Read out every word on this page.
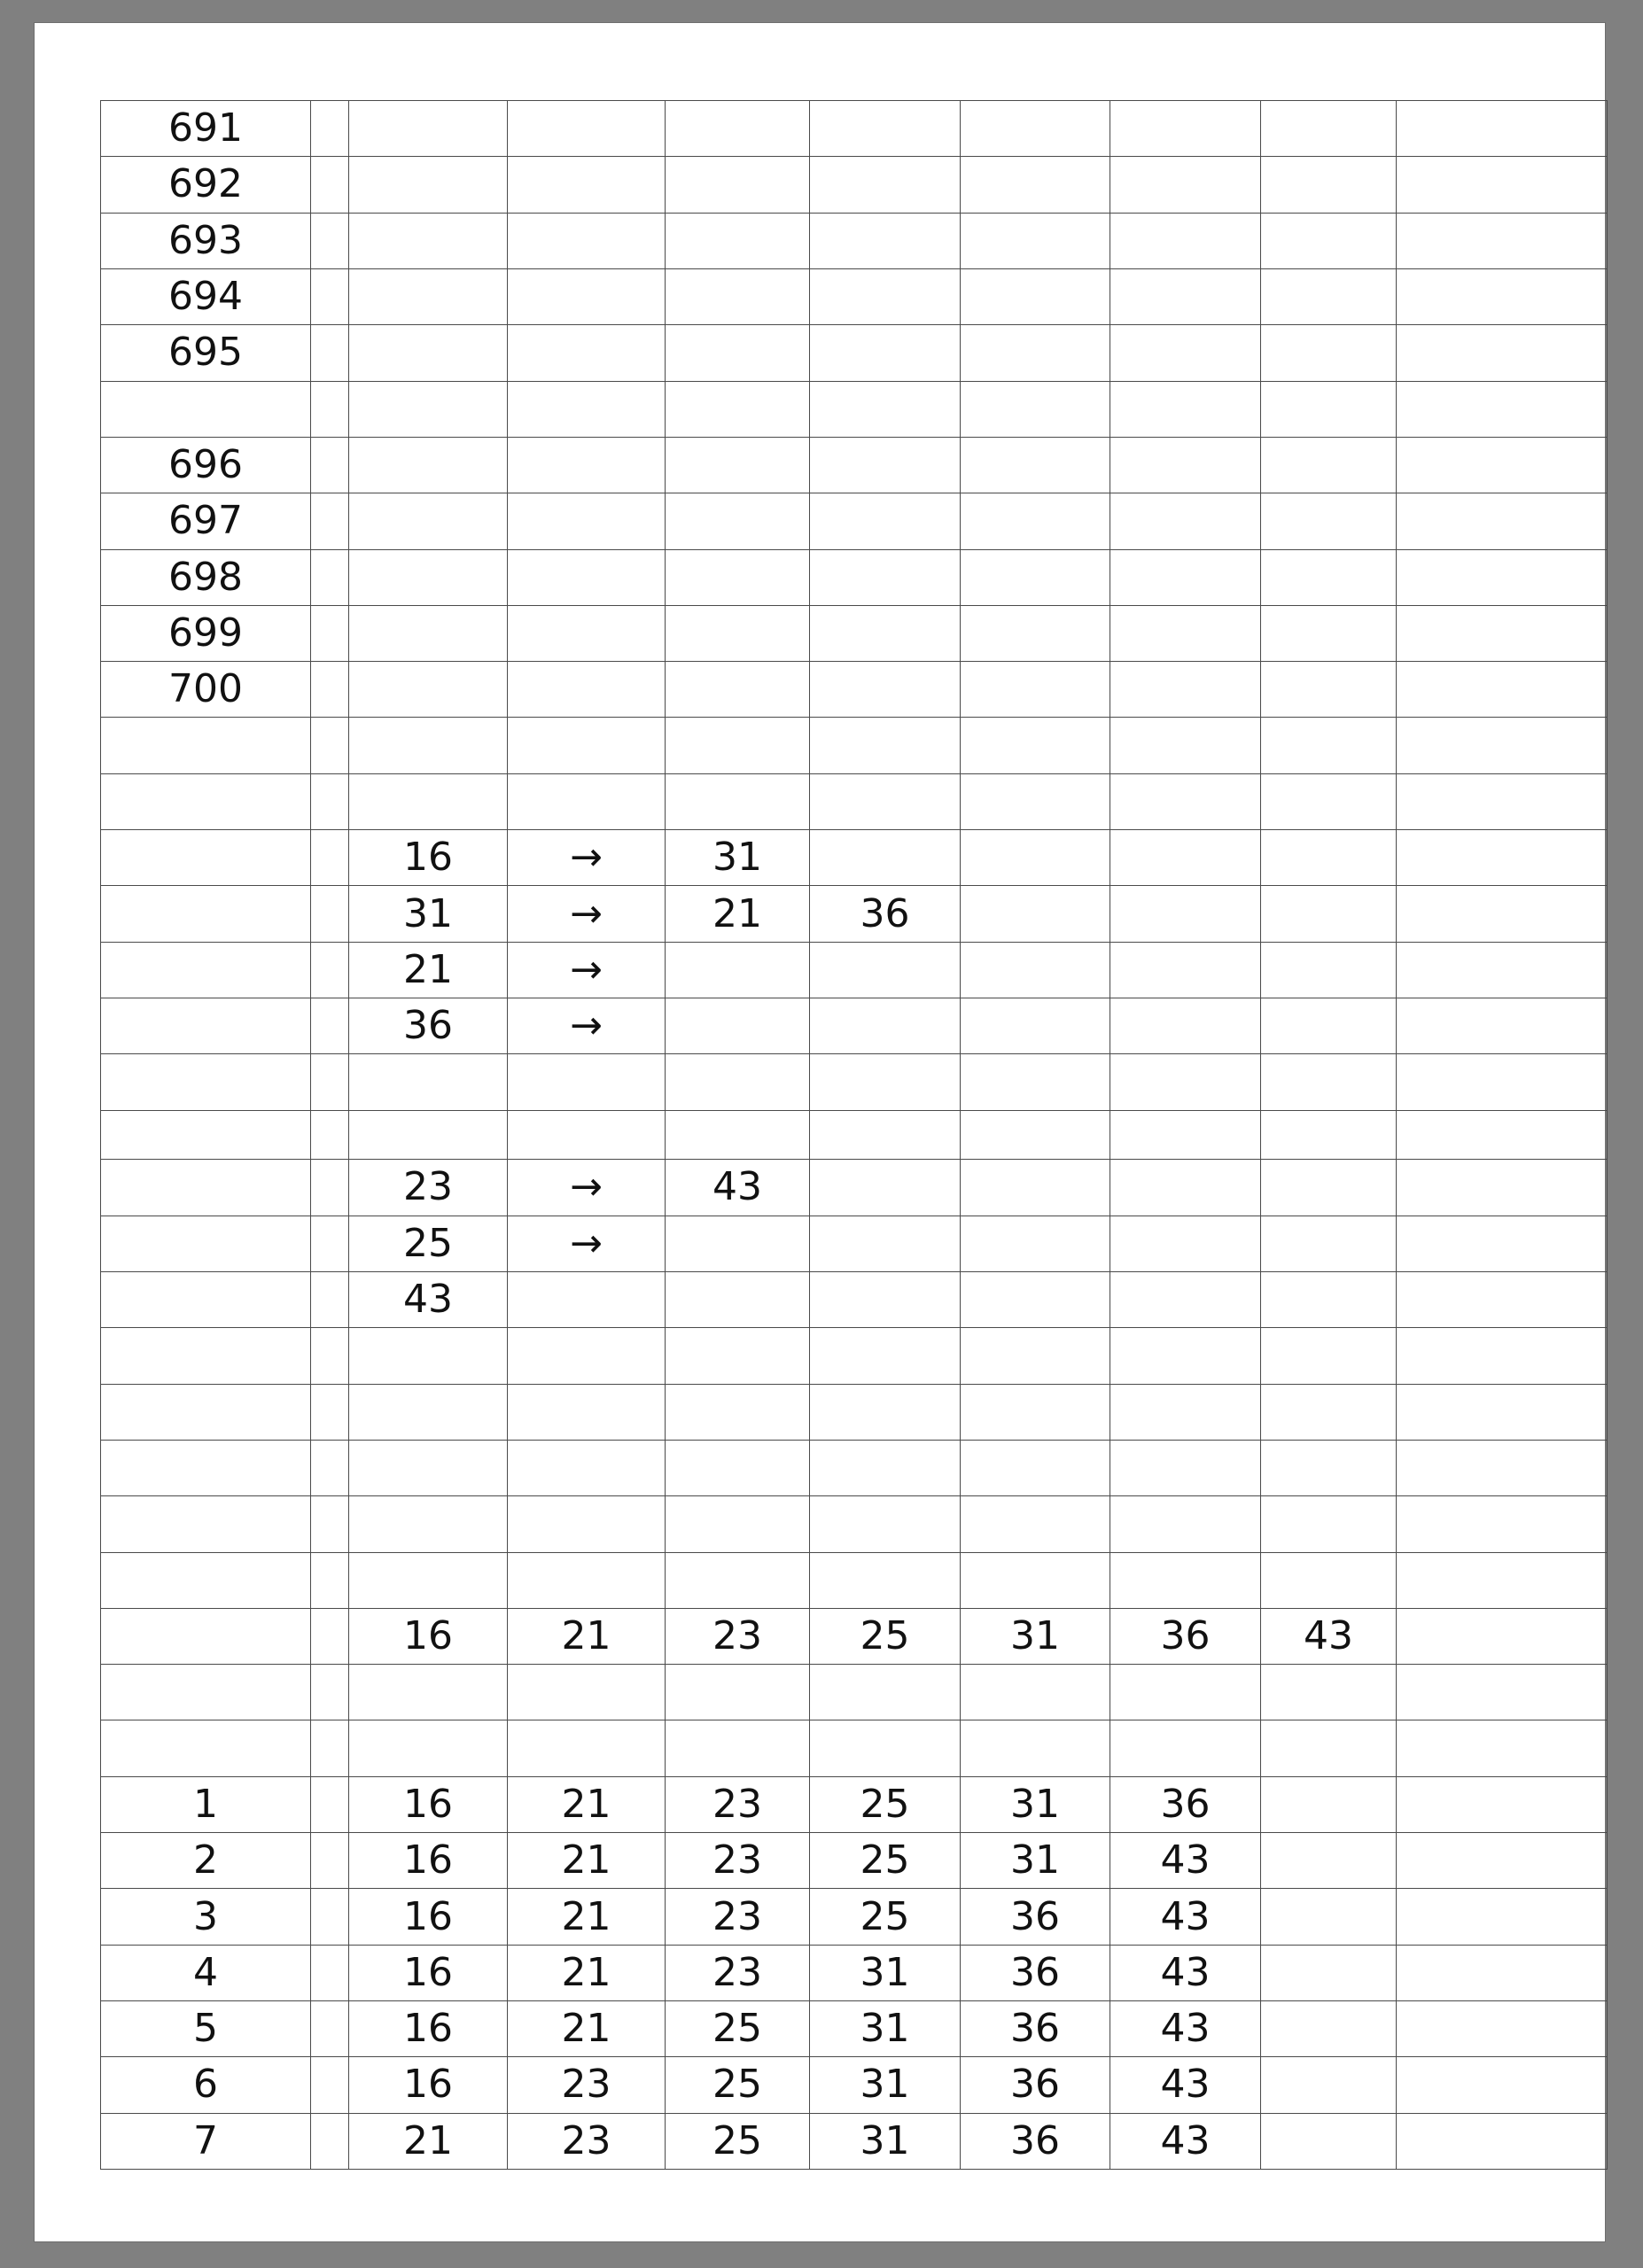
691									
692									
693									
694									
695									

696									
697									
698									
699									
700									

		16	→	31					
		31	→	21	36				
		21	→						
		36	→						

		23	→	43					
		25	→						
		43							

		16	21	23	25	31	36	43	

1		16	21	23	25	31	36		
2		16	21	23	25	31	43		
3		16	21	23	25	36	43		
4		16	21	23	31	36	43		
5		16	21	25	31	36	43		
6		16	23	25	31	36	43		
7		21	23	25	31	36	43		
